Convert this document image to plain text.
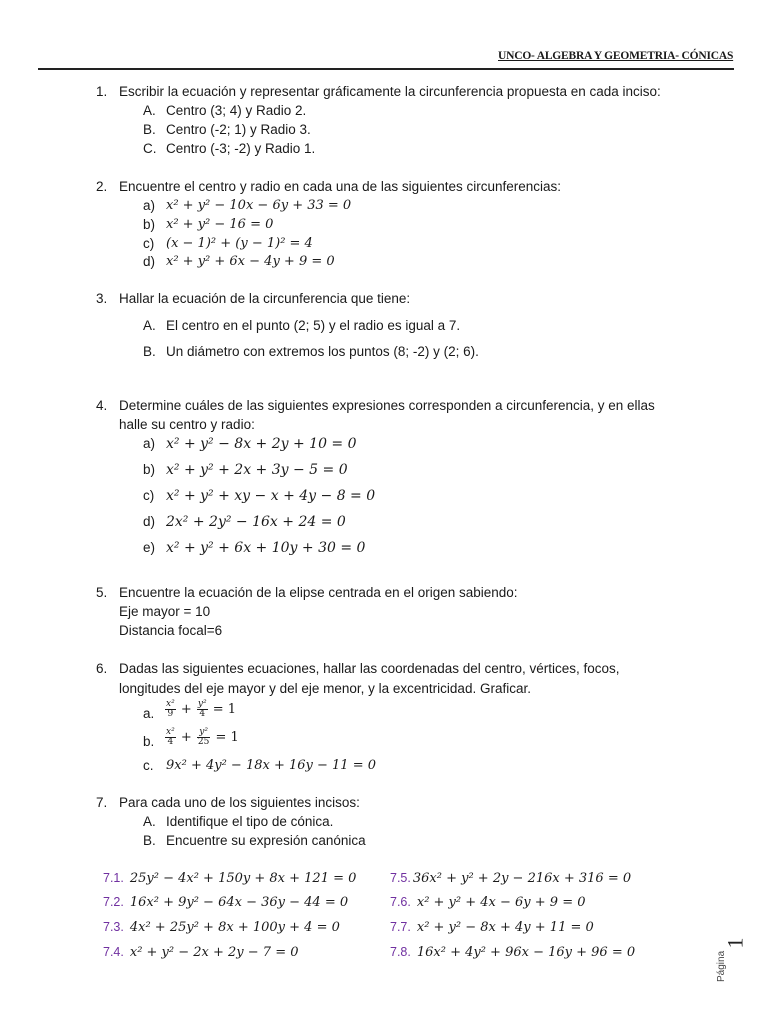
UNCO- ALGEBRA Y GEOMETRIA- CÓNICAS
1. Escribir la ecuación y representar gráficamente la circunferencia propuesta en cada inciso:
A. Centro (3; 4) y Radio 2.
B. Centro (-2; 1) y Radio 3.
C. Centro (-3; -2) y Radio 1.
2. Encuentre el centro y radio en cada una de las siguientes circunferencias:
a) x² + y² − 10x − 6y + 33 = 0
b) x² + y² − 16 = 0
c) (x − 1)² + (y − 1)² = 4
d) x² + y² + 6x − 4y + 9 = 0
3. Hallar la ecuación de la circunferencia que tiene:
A. El centro en el punto (2; 5) y el radio es igual a 7.
B. Un diámetro con extremos los puntos (8; -2) y (2; 6).
4. Determine cuáles de las siguientes expresiones corresponden a circunferencia, y en ellas
halle su centro y radio:
a) x² + y² − 8x + 2y + 10 = 0
b) x² + y² + 2x + 3y − 5 = 0
c) x² + y² + xy − x + 4y − 8 = 0
d) 2x² + 2y² − 16x + 24 = 0
e) x² + y² + 6x + 10y + 30 = 0
5. Encuentre la ecuación de la elipse centrada en el origen sabiendo:
Eje mayor = 10
Distancia focal=6
6. Dadas las siguientes ecuaciones, hallar las coordenadas del centro, vértices, focos,
longitudes del eje mayor y del eje menor, y la excentricidad. Graficar.
a. $\frac{\text{x²}}{9} + \frac{\text{y²}}{4} = 1$
b. $\frac{\text{x²}}{4} + \frac{\text{y²}}{25} = 1$
c. 9x² + 4y² − 18x + 16y − 11 = 0
7. Para cada uno de los siguientes incisos:
A. Identifique el tipo de cónica.
B. Encuentre su expresión canónica
7.1. 25y² − 4x² + 150y + 8x + 121 = 0
7.2. 16x² + 9y² − 64x − 36y − 44 = 0
7.3. 4x² + 25y² + 8x + 100y + 4 = 0
7.4. x² + y² − 2x + 2y − 7 = 0
7.5. 36x² + y² + 2y − 216x + 316 = 0
7.6. x² + y² + 4x − 6y + 9 = 0
7.7. x² + y² − 8x + 4y + 11 = 0
7.8. 16x² + 4y² + 96x − 16y + 96 = 0
1
Página
